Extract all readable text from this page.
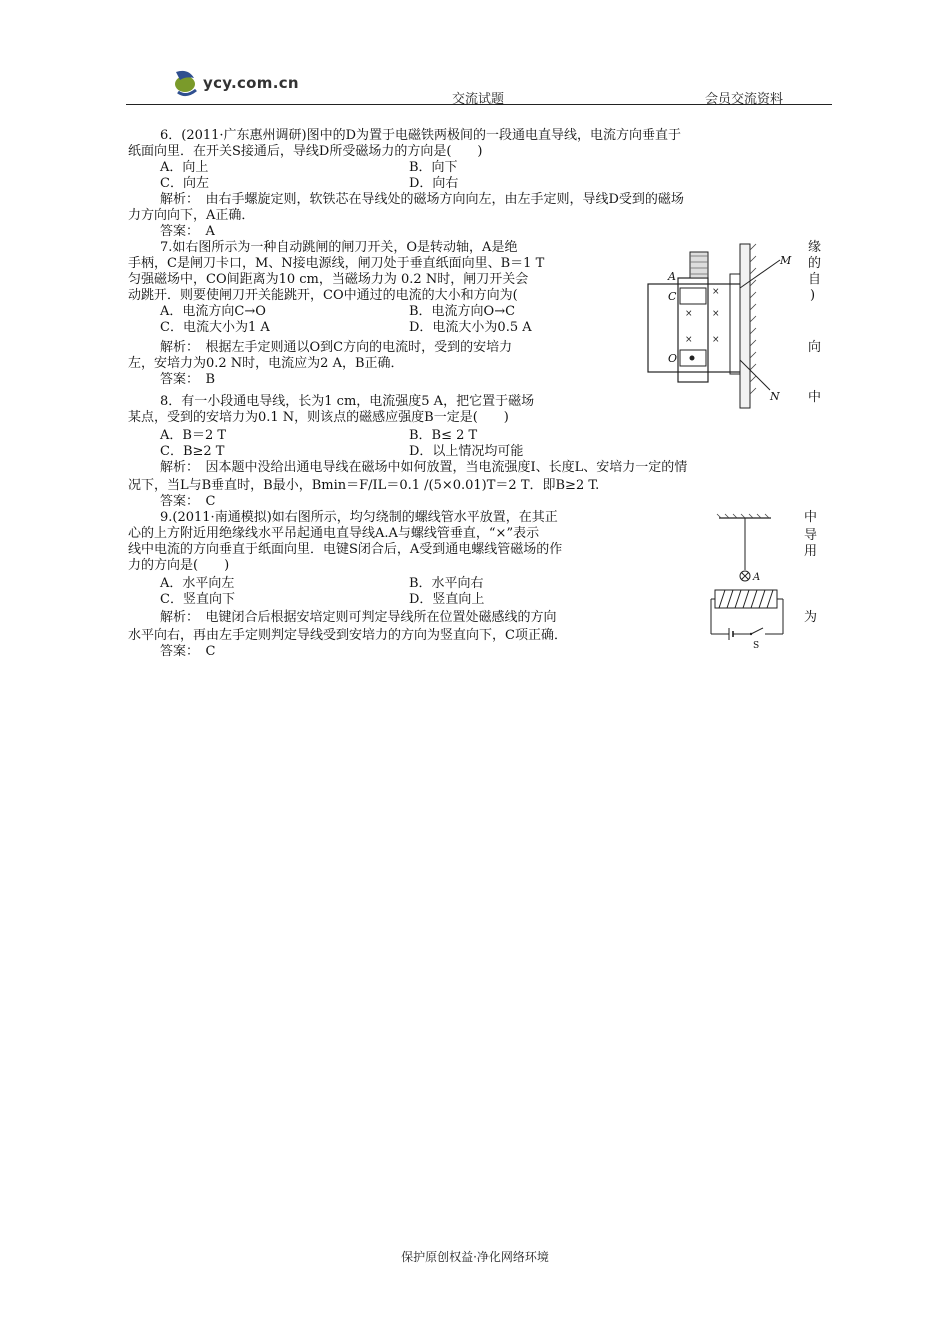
ycy.com.cn
交流试题	会员交流资料
6．(2011·广东惠州调研)图中的D为置于电磁铁两极间的一段通电直导线，电流方向垂直于
纸面向里．在开关S接通后，导线D所受磁场力的方向是(　　)
A．向上	B．向下
C．向左	D．向右
解析：　由右手螺旋定则，软铁芯在导线处的磁场方向向左，由左手定则，导线D受到的磁场
力方向向下，A正确．
答案：　A
7.如右图所示为一种自动跳闸的闸刀开关，O是转动轴，A是绝
手柄，C是闸刀卡口，M、N接电源线，闸刀处于垂直纸面向里、B＝1 T
匀强磁场中，CO间距离为10 cm，当磁场力为 0.2 N时，闸刀开关会
动跳开．则要使闸刀开关能跳开，CO中通过的电流的大小和方向为(
A．电流方向C→O	B．电流方向O→C
C．电流大小为1 A	D．电流大小为0.5 A
解析：　根据左手定则通以O到C方向的电流时，受到的安培力
左，安培力为0.2 N时，电流应为2 A，B正确．
答案：　B
缘
的
自
)
向
中
× ×
× ×
×
A
C
O
M
N
8．有一小段通电导线，长为1 cm，电流强度5 A，把它置于磁场
某点，受到的安培力为0.1 N，则该点的磁感应强度B一定是(　　)
A．B＝2 T	B．B≤ 2 T
C．B≥2 T	D．以上情况均可能
解析：　因本题中没给出通电导线在磁场中如何放置，当电流强度I、长度L、安培力一定的情
况下，当L与B垂直时，B最小，Bmin＝F/IL＝0.1 /(5×0.01)T＝2 T．即B≥2 T.
答案：　C
9.(2011·南通模拟)如右图所示，均匀绕制的螺线管水平放置，在其正
心的上方附近用绝缘线水平吊起通电直导线A.A与螺线管垂直，“×”表示
线中电流的方向垂直于纸面向里．电键S闭合后，A受到通电螺线管磁场的作
力的方向是(　　)
A．水平向左	B．水平向右
C．竖直向下	D．竖直向上
解析：　电键闭合后根据安培定则可判定导线所在位置处磁感线的方向
水平向右，再由左手定则判定导线受到安培力的方向为竖直向下，C项正确．
答案：　C
中
导
用
为
A
S
保护原创权益·净化网络环境
